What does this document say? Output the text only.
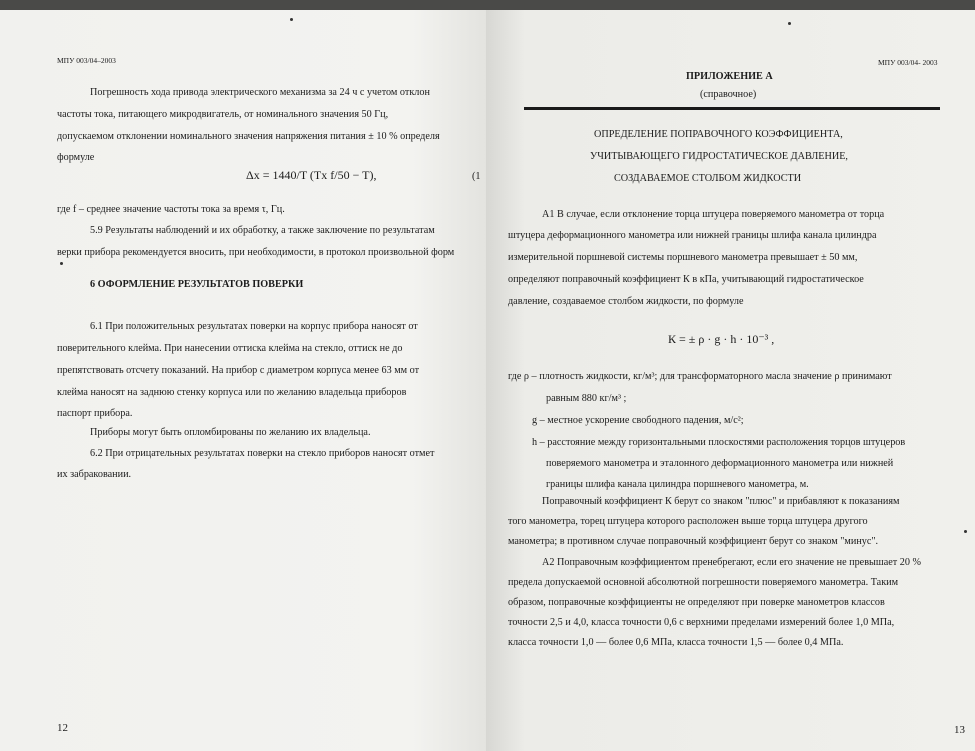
МПУ 003/04–2003
Погрешность хода привода электрического механизма за 24 ч с учетом отклон
частоты тока, питающего микродвигатель, от номинального значения 50 Гц,
допускаемом отклонении номинального значения напряжения питания ± 10 % определя
формуле
Δх = 1440/T (Tx f/50 − T),	(1
где f – среднее значение частоты тока за время τ, Гц.
5.9 Результаты наблюдений и их обработку, а также заключение по результатам
верки прибора рекомендуется вносить, при необходимости, в протокол произвольной форм
6 ОФОРМЛЕНИЕ РЕЗУЛЬТАТОВ ПОВЕРКИ
6.1 При положительных результатах поверки на корпус прибора наносят от
поверительного клейма. При нанесении оттиска клейма на стекло, оттиск не до
препятствовать отсчету показаний. На прибор с диаметром корпуса менее 63 мм от
клейма наносят на заднюю стенку корпуса или по желанию владельца приборов
паспорт прибора.
Приборы могут быть опломбированы по желанию их владельца.
6.2 При отрицательных результатах поверки на стекло приборов наносят отмет
их забраковании.
12
МПУ 003/04- 2003
ПРИЛОЖЕНИЕ А
(справочное)
ОПРЕДЕЛЕНИЕ ПОПРАВОЧНОГО КОЭФФИЦИЕНТА,
УЧИТЫВАЮЩЕГО ГИДРОСТАТИЧЕСКОЕ ДАВЛЕНИЕ,
СОЗДАВАЕМОЕ СТОЛБОМ ЖИДКОСТИ
А1 В случае, если отклонение торца штуцера поверяемого манометра от торца
штуцера деформационного манометра или нижней границы шлифа канала цилиндра
измерительной поршневой системы поршневого манометра превышает ± 50 мм,
определяют поправочный коэффициент К в кПа, учитывающий гидростатическое
давление, создаваемое столбом жидкости, по формуле
К = ± ρ · g · h · 10⁻³ ,
где ρ – плотность жидкости, кг/м³; для трансформаторного масла значение ρ принимают
равным 880 кг/м³ ;
g – местное ускорение свободного падения, м/с²;
h – расстояние между горизонтальными плоскостями расположения торцов штуцеров
поверяемого манометра и эталонного деформационного манометра или нижней
границы шлифа канала цилиндра поршневого манометра, м.
Поправочный коэффициент К берут со знаком "плюс" и прибавляют к показаниям
того манометра, торец штуцера которого расположен выше торца штуцера другого
манометра; в противном случае поправочный коэффициент берут со знаком "минус".
А2 Поправочным коэффициентом пренебрегают, если его значение не превышает 20 %
предела допускаемой основной абсолютной погрешности поверяемого манометра. Таким
образом, поправочные коэффициенты не определяют при поверке манометров классов
точности 2,5 и 4,0, класса точности 0,6 с верхними пределами измерений более 1,0 МПа,
класса точности 1,0 — более 0,6 МПа, класса точности 1,5 — более 0,4 МПа.
13
